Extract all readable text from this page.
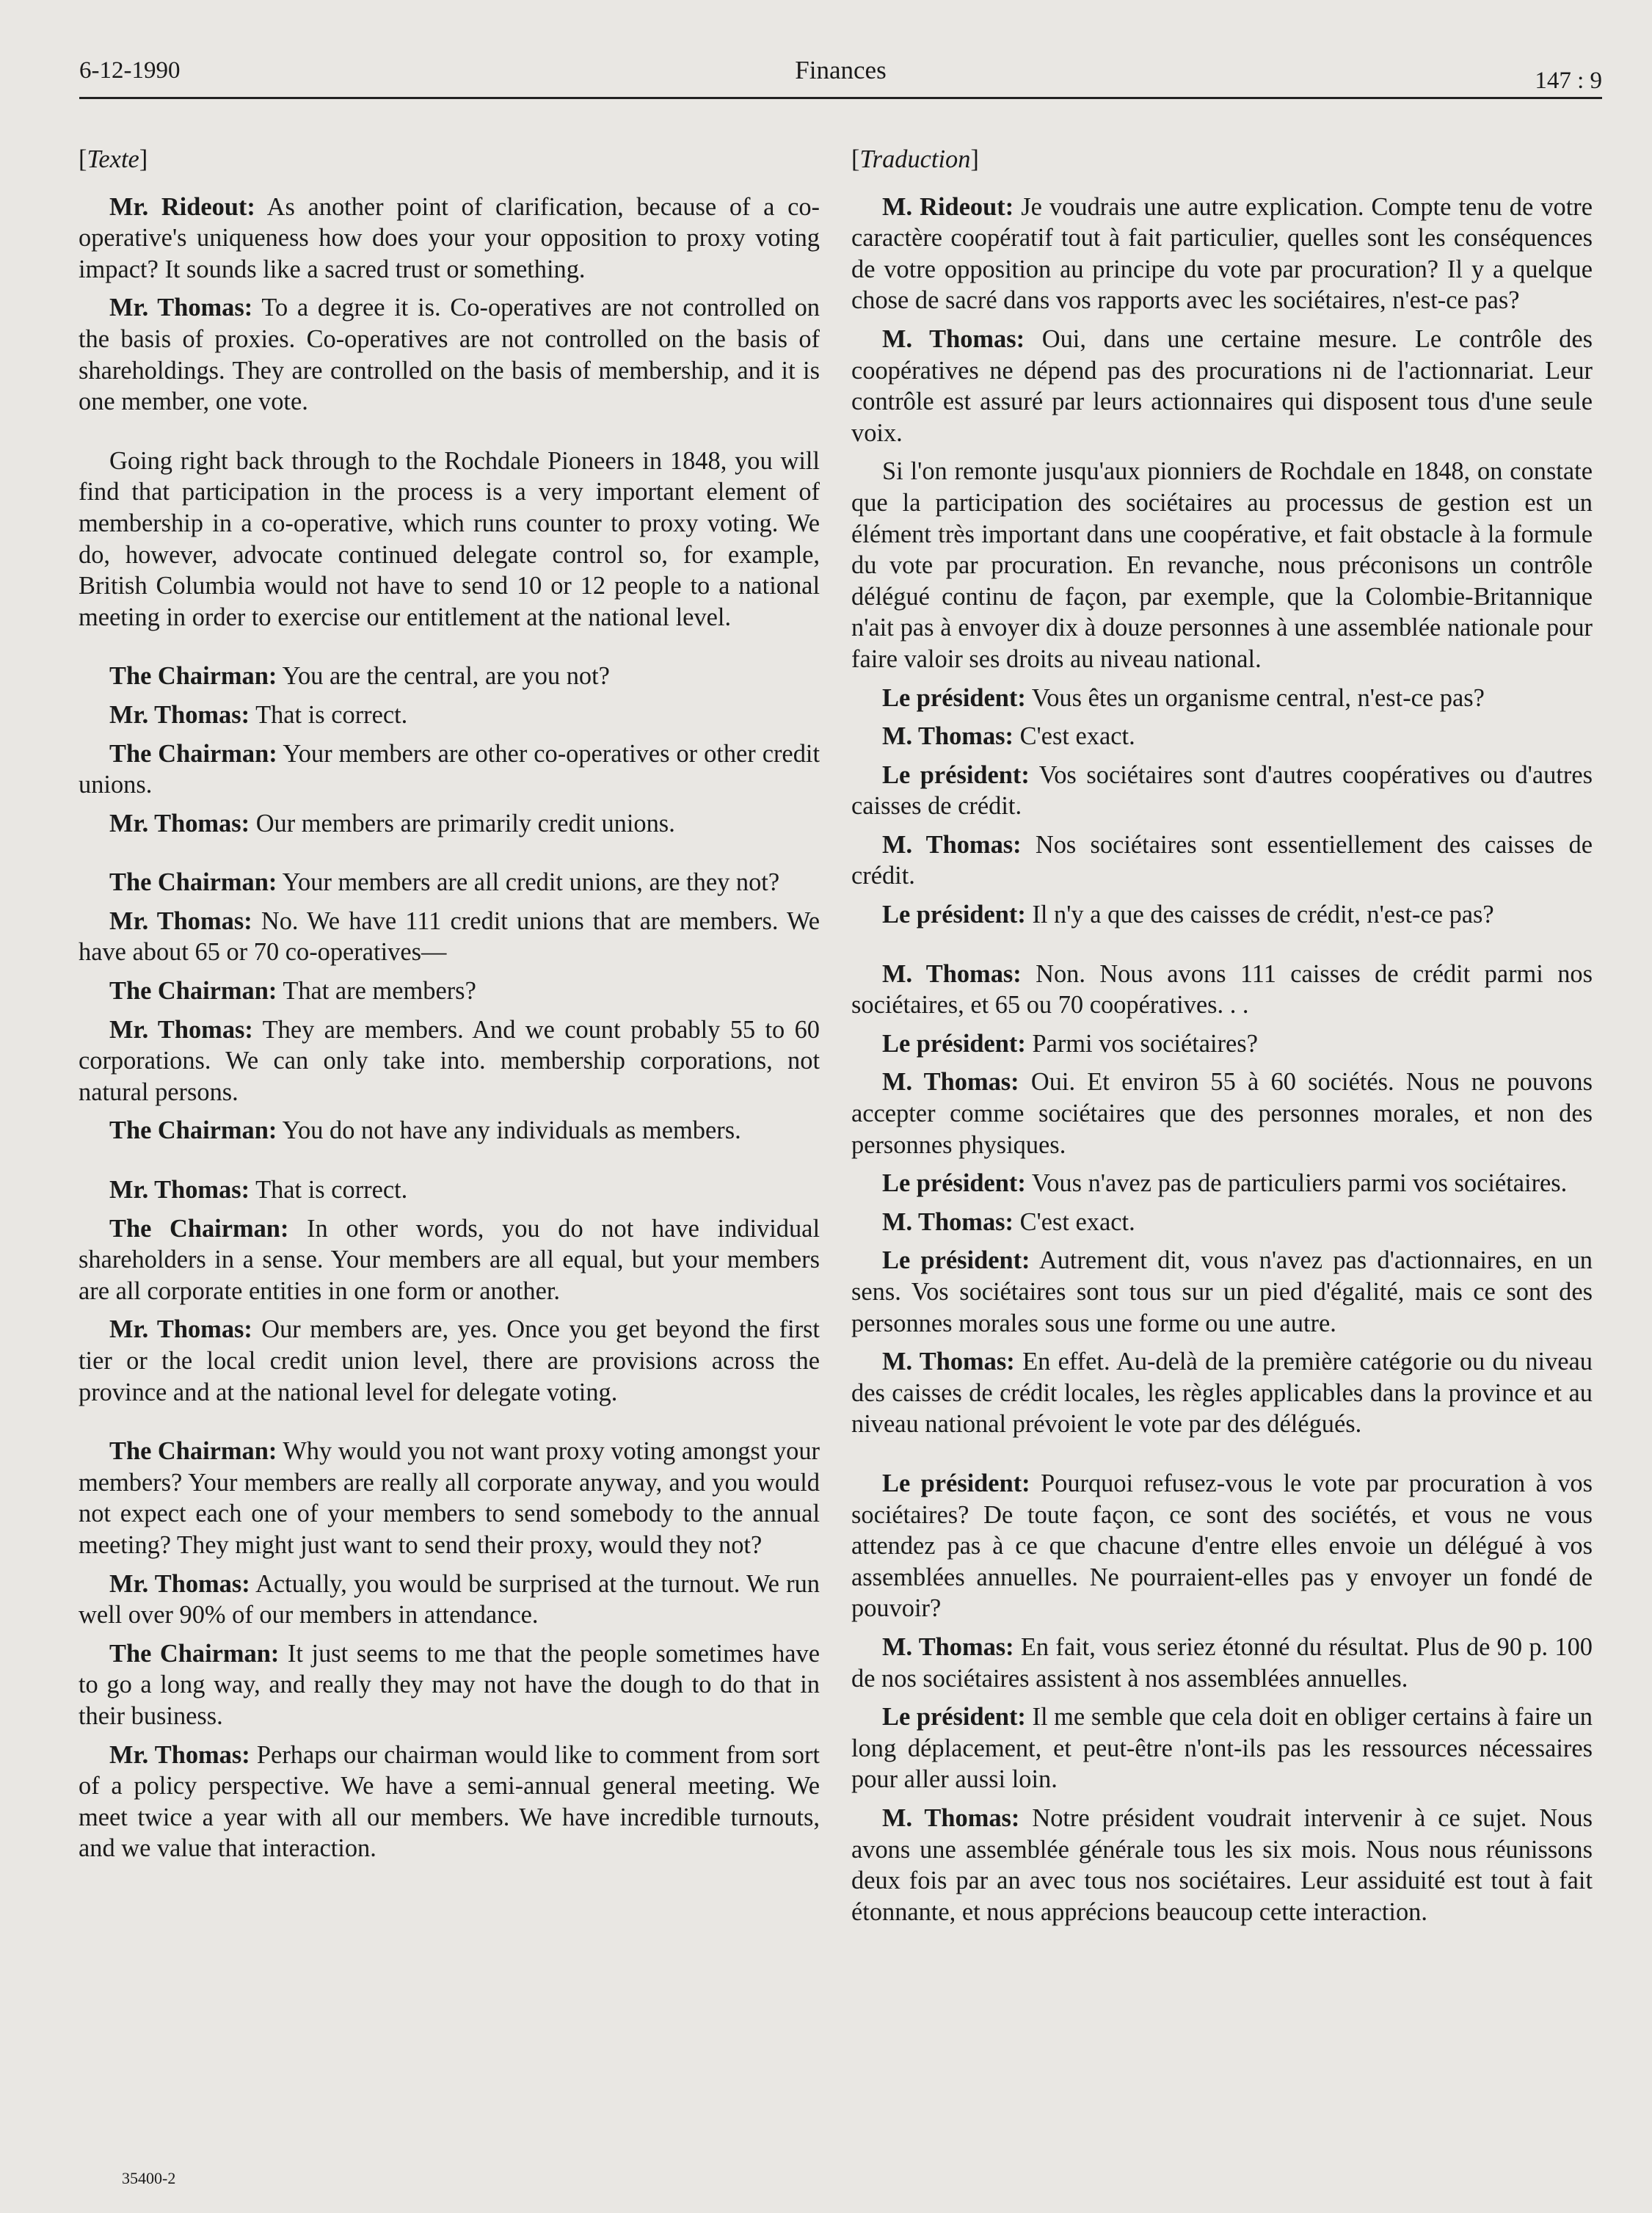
6-12-1990	Finances	147 : 9
[Texte]

Mr. Rideout: As another point of clarification, because of a co-operative's uniqueness how does your your opposition to proxy voting impact? It sounds like a sacred trust or something.

Mr. Thomas: To a degree it is. Co-operatives are not controlled on the basis of proxies. Co-operatives are not controlled on the basis of shareholdings. They are controlled on the basis of membership, and it is one member, one vote.

Going right back through to the Rochdale Pioneers in 1848, you will find that participation in the process is a very important element of membership in a co-operative, which runs counter to proxy voting. We do, however, advocate continued delegate control so, for example, British Columbia would not have to send 10 or 12 people to a national meeting in order to exercise our entitlement at the national level.

The Chairman: You are the central, are you not?

Mr. Thomas: That is correct.

The Chairman: Your members are other co-operatives or other credit unions.

Mr. Thomas: Our members are primarily credit unions.

The Chairman: Your members are all credit unions, are they not?

Mr. Thomas: No. We have 111 credit unions that are members. We have about 65 or 70 co-operatives—

The Chairman: That are members?

Mr. Thomas: They are members. And we count probably 55 to 60 corporations. We can only take into. membership corporations, not natural persons.

The Chairman: You do not have any individuals as members.

Mr. Thomas: That is correct.

The Chairman: In other words, you do not have individual shareholders in a sense. Your members are all equal, but your members are all corporate entities in one form or another.

Mr. Thomas: Our members are, yes. Once you get beyond the first tier or the local credit union level, there are provisions across the province and at the national level for delegate voting.

The Chairman: Why would you not want proxy voting amongst your members? Your members are really all corporate anyway, and you would not expect each one of your members to send somebody to the annual meeting? They might just want to send their proxy, would they not?

Mr. Thomas: Actually, you would be surprised at the turnout. We run well over 90% of our members in attendance.

The Chairman: It just seems to me that the people sometimes have to go a long way, and really they may not have the dough to do that in their business.

Mr. Thomas: Perhaps our chairman would like to comment from sort of a policy perspective. We have a semi-annual general meeting. We meet twice a year with all our members. We have incredible turnouts, and we value that interaction.

[Traduction]

M. Rideout: Je voudrais une autre explication. Compte tenu de votre caractère coopératif tout à fait particulier, quelles sont les conséquences de votre opposition au principe du vote par procuration? Il y a quelque chose de sacré dans vos rapports avec les sociétaires, n'est-ce pas?

M. Thomas: Oui, dans une certaine mesure. Le contrôle des coopératives ne dépend pas des procurations ni de l'actionnariat. Leur contrôle est assuré par leurs actionnaires qui disposent tous d'une seule voix.

Si l'on remonte jusqu'aux pionniers de Rochdale en 1848, on constate que la participation des sociétaires au processus de gestion est un élément très important dans une coopérative, et fait obstacle à la formule du vote par procuration. En revanche, nous préconisons un contrôle délégué continu de façon, par exemple, que la Colombie-Britannique n'ait pas à envoyer dix à douze personnes à une assemblée nationale pour faire valoir ses droits au niveau national.

Le président: Vous êtes un organisme central, n'est-ce pas?

M. Thomas: C'est exact.

Le président: Vos sociétaires sont d'autres coopératives ou d'autres caisses de crédit.

M. Thomas: Nos sociétaires sont essentiellement des caisses de crédit.

Le président: Il n'y a que des caisses de crédit, n'est-ce pas?

M. Thomas: Non. Nous avons 111 caisses de crédit parmi nos sociétaires, et 65 ou 70 coopératives. . .

Le président: Parmi vos sociétaires?

M. Thomas: Oui. Et environ 55 à 60 sociétés. Nous ne pouvons accepter comme sociétaires que des personnes morales, et non des personnes physiques.

Le président: Vous n'avez pas de particuliers parmi vos sociétaires.

M. Thomas: C'est exact.

Le président: Autrement dit, vous n'avez pas d'actionnaires, en un sens. Vos sociétaires sont tous sur un pied d'égalité, mais ce sont des personnes morales sous une forme ou une autre.

M. Thomas: En effet. Au-delà de la première catégorie ou du niveau des caisses de crédit locales, les règles applicables dans la province et au niveau national prévoient le vote par des délégués.

Le président: Pourquoi refusez-vous le vote par procuration à vos sociétaires? De toute façon, ce sont des sociétés, et vous ne vous attendez pas à ce que chacune d'entre elles envoie un délégué à vos assemblées annuelles. Ne pourraient-elles pas y envoyer un fondé de pouvoir?

M. Thomas: En fait, vous seriez étonné du résultat. Plus de 90 p. 100 de nos sociétaires assistent à nos assemblées annuelles.

Le président: Il me semble que cela doit en obliger certains à faire un long déplacement, et peut-être n'ont-ils pas les ressources nécessaires pour aller aussi loin.

M. Thomas: Notre président voudrait intervenir à ce sujet. Nous avons une assemblée générale tous les six mois. Nous nous réunissons deux fois par an avec tous nos sociétaires. Leur assiduité est tout à fait étonnante, et nous apprécions beaucoup cette interaction.

35400-2
